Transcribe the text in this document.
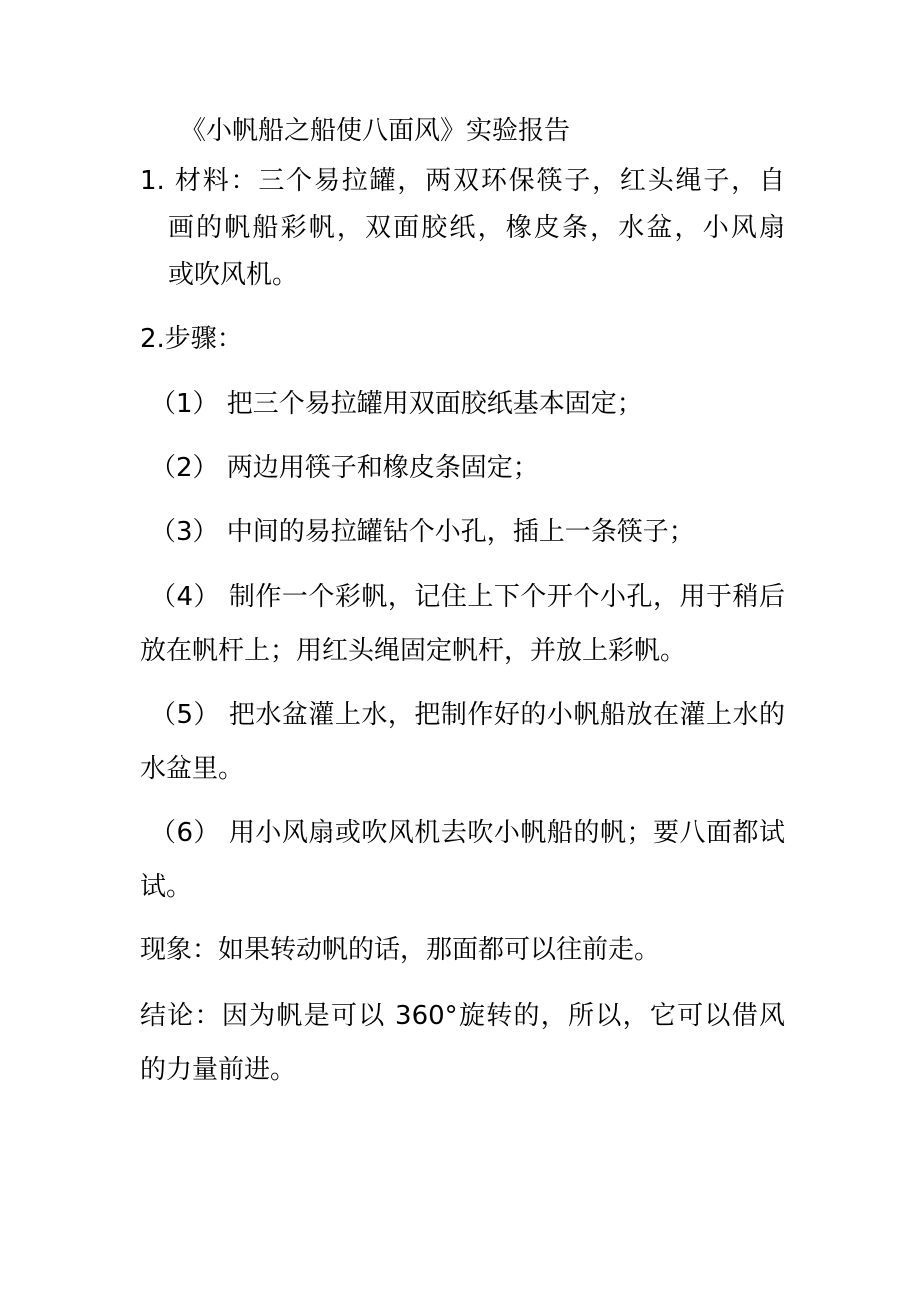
《小帆船之船使八面风》实验报告
1. 材料：三个易拉罐，两双环保筷子，红头绳子，自
画的帆船彩帆，双面胶纸，橡皮条，水盆，小风扇
或吹风机。
2.步骤：
（1） 把三个易拉罐用双面胶纸基本固定；
（2） 两边用筷子和橡皮条固定；
（3） 中间的易拉罐钻个小孔，插上一条筷子；
（4） 制作一个彩帆，记住上下个开个小孔，用于稍后
放在帆杆上；用红头绳固定帆杆，并放上彩帆。
（5） 把水盆灌上水，把制作好的小帆船放在灌上水的
水盆里。
（6） 用小风扇或吹风机去吹小帆船的帆；要八面都试
试。
现象：如果转动帆的话，那面都可以往前走。
结论：因为帆是可以 360°旋转的，所以，它可以借风
的力量前进。
